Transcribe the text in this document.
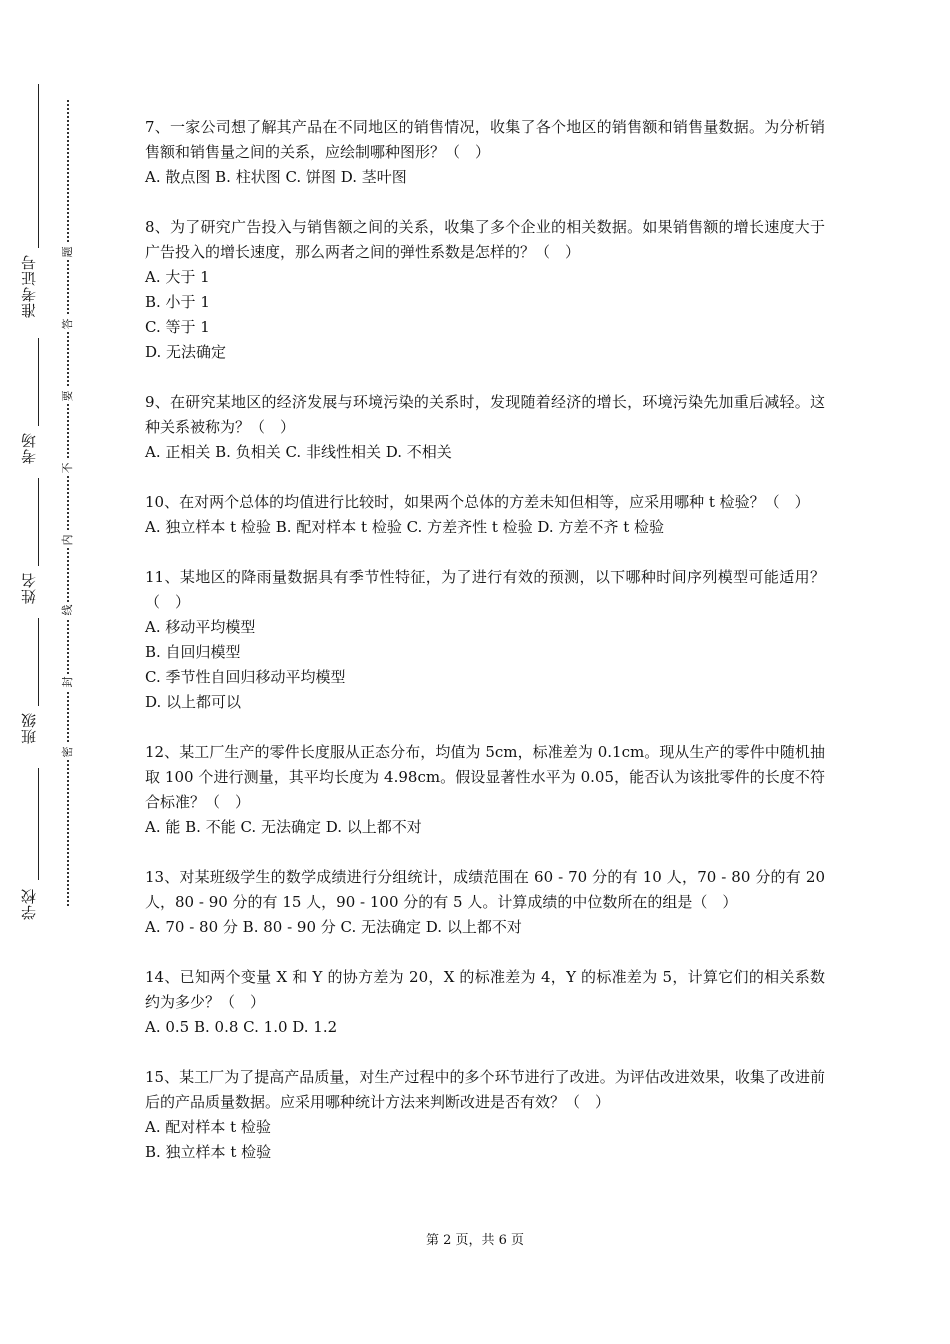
学校
班级
姓名
考场
准考证号
密
封
线
内
不
要
答
题

7、一家公司想了解其产品在不同地区的销售情况，收集了各个地区的销售额和销售量数据。为分析销售额和销售量之间的关系，应绘制哪种图形？（　）

A. 散点图 B. 柱状图 C. 饼图 D. 茎叶图

8、为了研究广告投入与销售额之间的关系，收集了多个企业的相关数据。如果销售额的增长速度大于广告投入的增长速度，那么两者之间的弹性系数是怎样的？（　）

A. 大于 1

B. 小于 1

C. 等于 1

D. 无法确定

9、在研究某地区的经济发展与环境污染的关系时，发现随着经济的增长，环境污染先加重后减轻。这种关系被称为？（　）

A. 正相关 B. 负相关 C. 非线性相关 D. 不相关

10、在对两个总体的均值进行比较时，如果两个总体的方差未知但相等，应采用哪种 t 检验？（　）

A. 独立样本 t 检验 B. 配对样本 t 检验 C. 方差齐性 t 检验 D. 方差不齐 t 检验

11、某地区的降雨量数据具有季节性特征，为了进行有效的预测，以下哪种时间序列模型可能适用？（　）

A. 移动平均模型

B. 自回归模型

C. 季节性自回归移动平均模型

D. 以上都可以

12、某工厂生产的零件长度服从正态分布，均值为 5cm，标准差为 0.1cm。现从生产的零件中随机抽取 100 个进行测量，其平均长度为 4.98cm。假设显著性水平为 0.05，能否认为该批零件的长度不符合标准？（　）

A. 能 B. 不能 C. 无法确定 D. 以上都不对

13、对某班级学生的数学成绩进行分组统计，成绩范围在 60 - 70 分的有 10 人，70 - 80 分的有 20 人，80 - 90 分的有 15 人，90 - 100 分的有 5 人。计算成绩的中位数所在的组是（　）

A. 70 - 80 分 B. 80 - 90 分 C. 无法确定 D. 以上都不对

14、已知两个变量 X 和 Y 的协方差为 20，X 的标准差为 4，Y 的标准差为 5，计算它们的相关系数约为多少？（　）

A. 0.5 B. 0.8 C. 1.0 D. 1.2

15、某工厂为了提高产品质量，对生产过程中的多个环节进行了改进。为评估改进效果，收集了改进前后的产品质量数据。应采用哪种统计方法来判断改进是否有效？（　）

A. 配对样本 t 检验

B. 独立样本 t 检验

第 2 页，共 6 页
